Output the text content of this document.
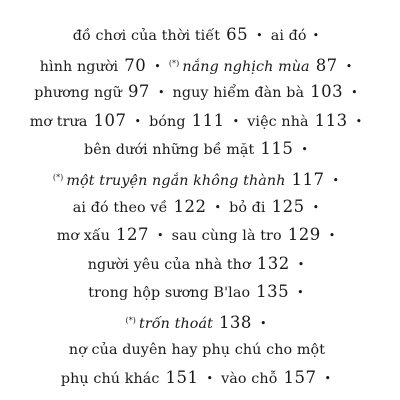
đồ chơi của thời tiết 65 • ai đó •
hình người 70 • (*) nắng nghịch mùa 87 •
phương ngữ 97 • nguy hiểm đàn bà 103 •
mơ trưa 107 • bóng 111 • việc nhà 113 •
bên dưới những bề mặt 115 •
(*) một truyện ngắn không thành 117 •
ai đó theo về 122 • bỏ đi 125 •
mơ xấu 127 • sau cùng là tro 129 •
người yêu của nhà thơ 132 •
trong hộp sương B'lao 135 •
(*) trốn thoát 138 •
nợ của duyên hay phụ chú cho một
phụ chú khác 151 • vào chỗ 157 •
